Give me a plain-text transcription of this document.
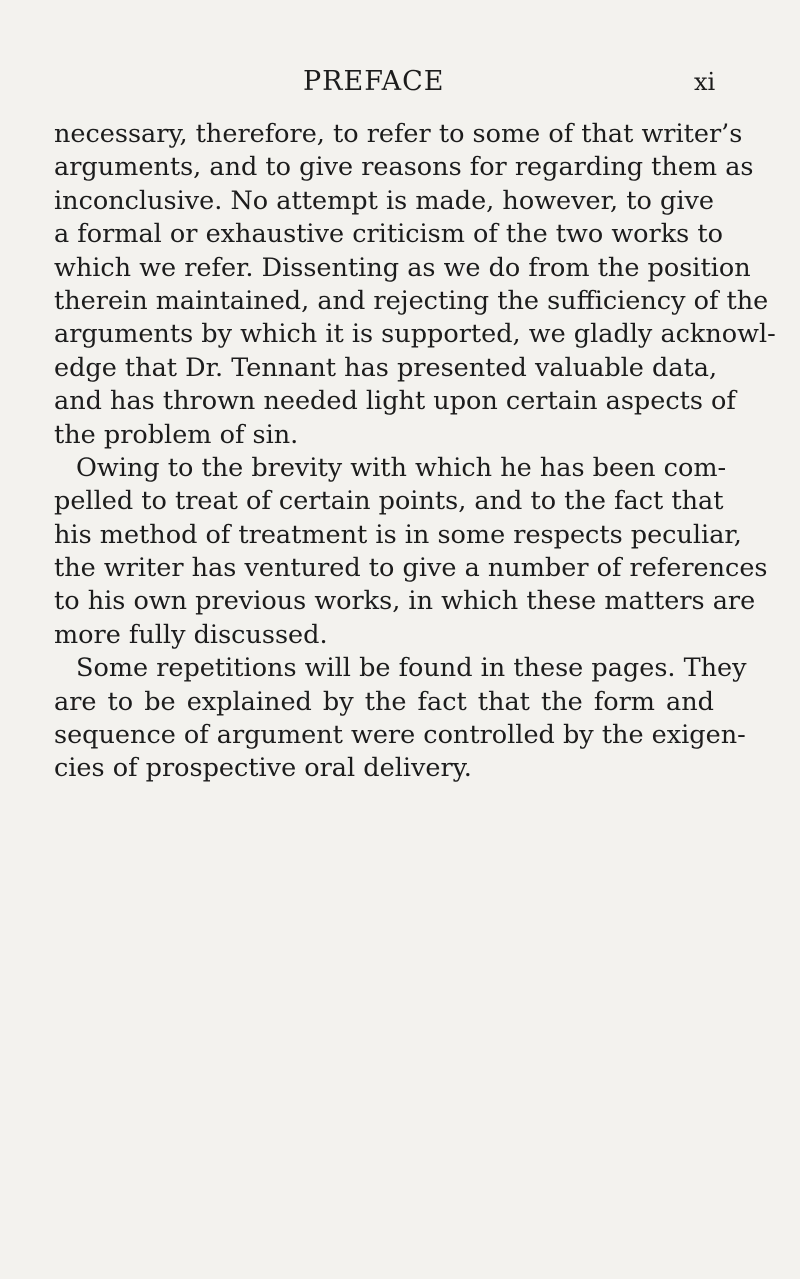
PREFACE	xi
necessary, therefore, to refer to some of that writer’s
arguments, and to give reasons for regarding them as
inconclusive. No attempt is made, however, to give
a formal or exhaustive criticism of the two works to
which we refer. Dissenting as we do from the position
therein maintained, and rejecting the sufficiency of the
arguments by which it is supported, we gladly acknowl-
edge that Dr. Tennant has presented valuable data,
and has thrown needed light upon certain aspects of
the problem of sin.
Owing to the brevity with which he has been com-
pelled to treat of certain points, and to the fact that
his method of treatment is in some respects peculiar,
the writer has ventured to give a number of references
to his own previous works, in which these matters are
more fully discussed.
Some repetitions will be found in these pages. They
are to be explained by the fact that the form and
sequence of argument were controlled by the exigen-
cies of prospective oral delivery.
